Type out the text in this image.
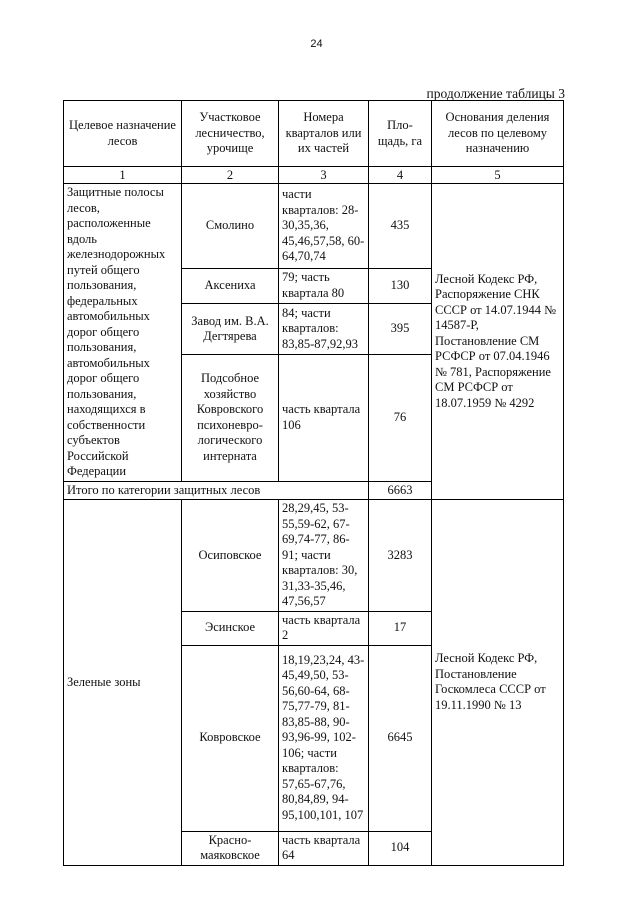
24
продолжение таблицы 3
Целевое назначение лесов	Участковое лесничество, урочище	Номера кварталов или их частей	Пло-щадь, га	Основания деления лесов по целевому назначению
1	2	3	4	5
Защитные полосы лесов, расположенные вдоль железнодорожных путей общего пользования, федеральных автомобильных дорог общего пользования, автомобильных дорог общего пользования, находящихся в собственности субъектов Российской Федерации	Смолино	части кварталов: 28-30,35,36, 45,46,57,58, 60-64,70,74	435	Лесной Кодекс РФ, Распоряжение СНК СССР от 14.07.1944 № 14587-Р, Постановление СМ РСФСР от 07.04.1946 № 781, Распоряжение СМ РСФСР от 18.07.1959 № 4292
	Аксениха	79; часть квартала 80	130	
	Завод им. В.А. Дегтярева	84; части кварталов: 83,85-87,92,93	395	
	Подсобное хозяйство Ковровского психоневро-логического интерната	часть квартала 106	76	
Итого по категории защитных лесов			6663	
Зеленые зоны	Осиповское	28,29,45, 53-55,59-62, 67-69,74-77, 86-91; части кварталов: 30, 31,33-35,46, 47,56,57	3283	Лесной Кодекс РФ, Постановление Госкомлеса СССР от 19.11.1990 № 13
	Эсинское	часть квартала 2	17	
	Ковровское	18,19,23,24, 43-45,49,50, 53-56,60-64, 68-75,77-79, 81-83,85-88, 90-93,96-99, 102-106; части кварталов: 57,65-67,76, 80,84,89, 94-95,100,101, 107	6645	
	Красно-маяковское	часть квартала 64	104	
